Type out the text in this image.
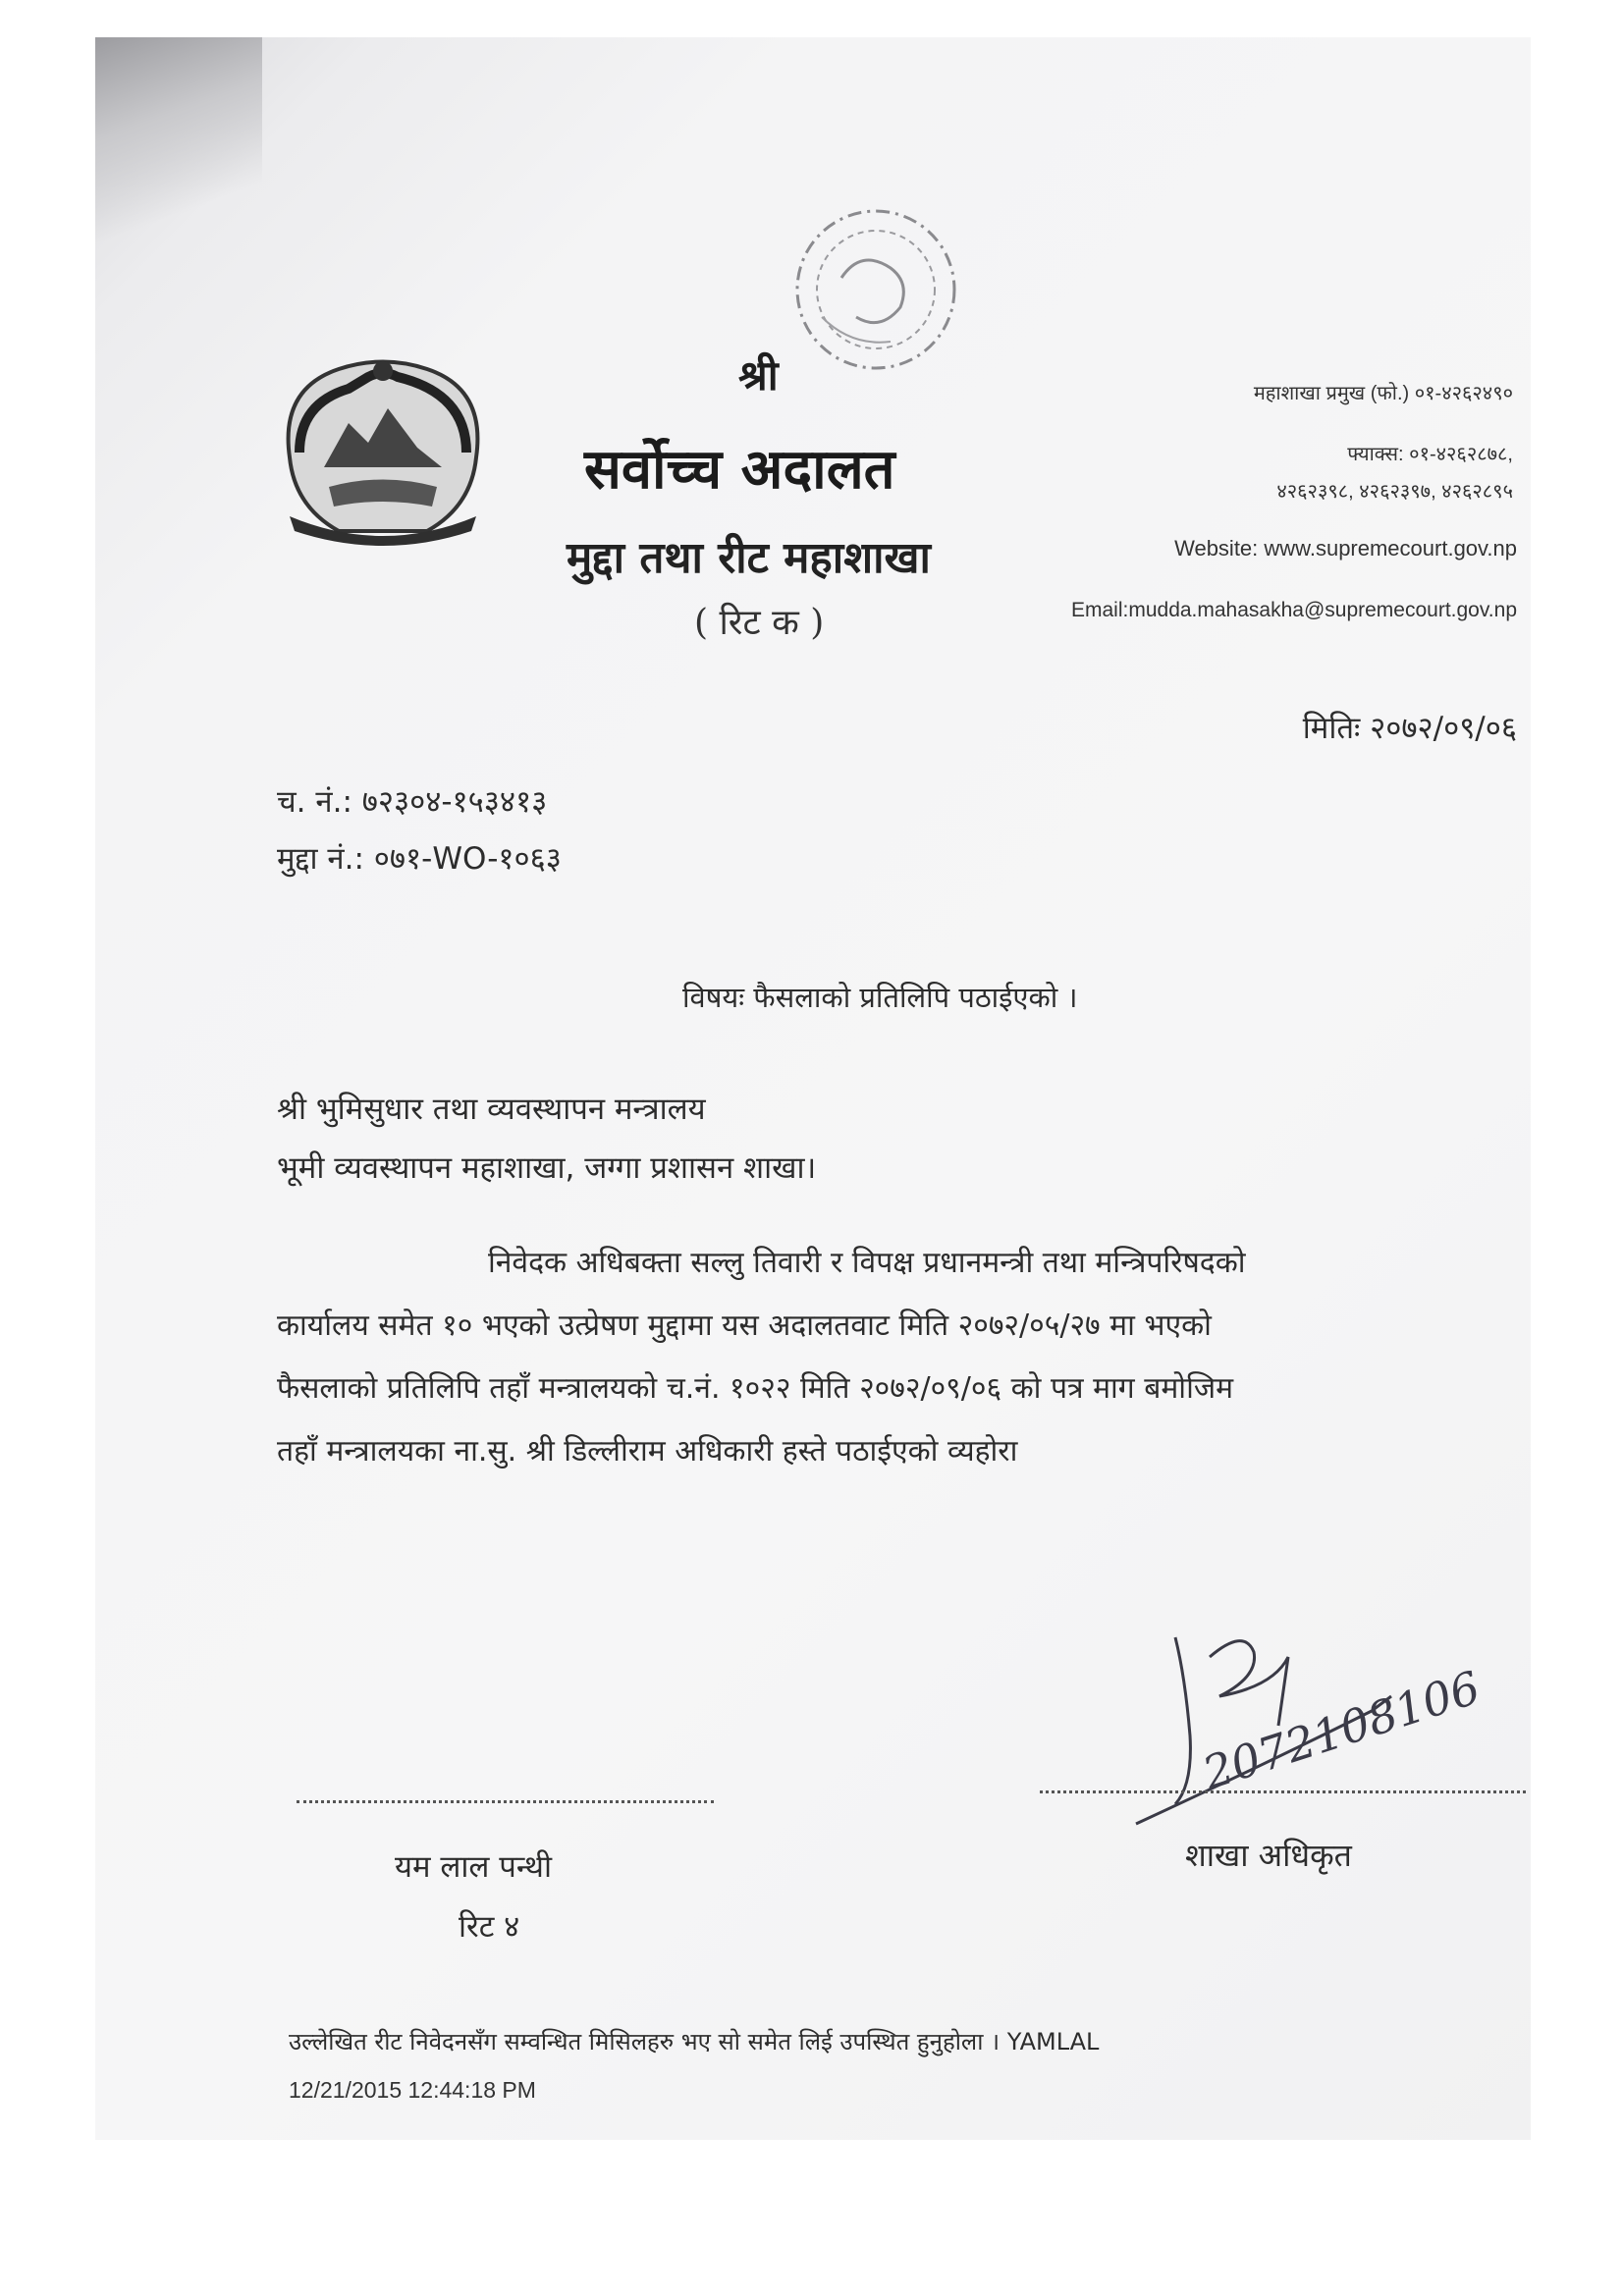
श्री
सर्वोच्च अदालत
मुद्दा तथा रीट महाशाखा
( रिट क )
महाशाखा प्रमुख (फो.) ०१-४२६२४९०
फ्याक्स: ०१-४२६२८७८,
४२६२३९८, ४२६२३९७, ४२६२८९५
Website: www.supremecourt.gov.np
Email:mudda.mahasakha@supremecourt.gov.np
मितिः २०७२/०९/०६
च. नं.: ७२३०४-१५३४१३
मुद्दा नं.: ०७१-WO-१०६३
विषयः फैसलाको प्रतिलिपि पठाईएको ।
श्री भुमिसुधार तथा व्यवस्थापन मन्त्रालय
भूमी व्यवस्थापन महाशाखा, जग्गा प्रशासन शाखा।
निवेदक अधिबक्ता सल्लु तिवारी र विपक्ष प्रधानमन्त्री तथा मन्त्रिपरिषदको
कार्यालय समेत १० भएको उत्प्रेषण मुद्दामा यस अदालतवाट मिति २०७२/०५/२७ मा भएको
फैसलाको प्रतिलिपि तहाँ मन्त्रालयको च.नं. १०२२ मिति २०७२/०९/०६ को पत्र माग बमोजिम
तहाँ मन्त्रालयका ना.सु. श्री डिल्लीराम अधिकारी हस्ते पठाईएको व्यहोरा
2072108106
यम लाल पन्थी
रिट ४
शाखा अधिकृत
उल्लेखित रीट निवेदनसँग सम्वन्धित मिसिलहरु भए सो समेत लिई उपस्थित हुनुहोला । YAMLAL
12/21/2015 12:44:18 PM
